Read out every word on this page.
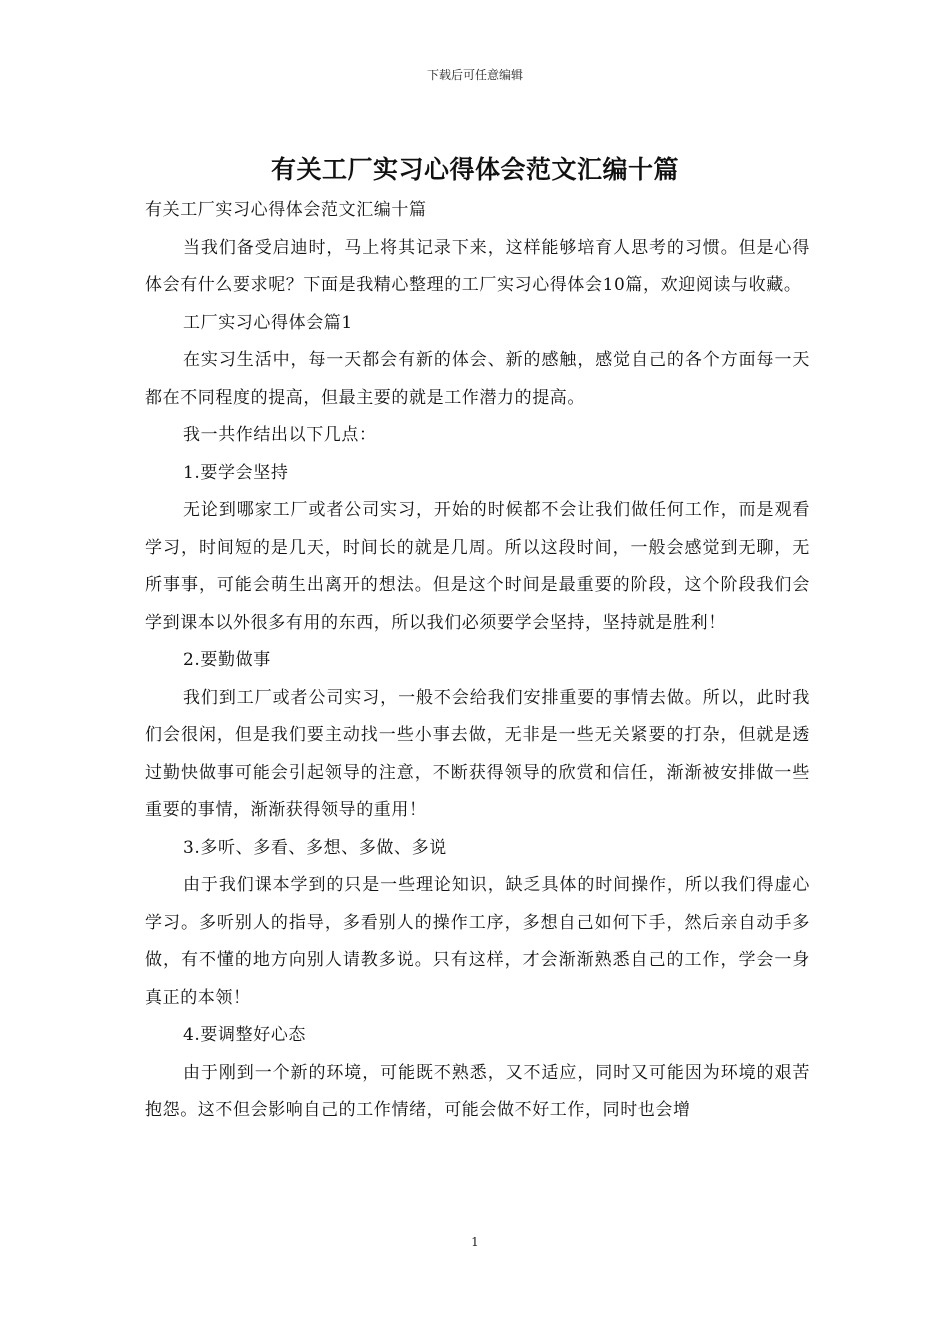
下载后可任意编辑
有关工厂实习心得体会范文汇编十篇

有关工厂实习心得体会范文汇编十篇

当我们备受启迪时，马上将其记录下来，这样能够培育人思考的习惯。但是心得体会有什么要求呢？下面是我精心整理的工厂实习心得体会10篇，欢迎阅读与收藏。

工厂实习心得体会篇1

在实习生活中，每一天都会有新的体会、新的感触，感觉自己的各个方面每一天都在不同程度的提高，但最主要的就是工作潜力的提高。

我一共作结出以下几点：

1.要学会坚持

无论到哪家工厂或者公司实习，开始的时候都不会让我们做任何工作，而是观看学习，时间短的是几天，时间长的就是几周。所以这段时间，一般会感觉到无聊，无所事事，可能会萌生出离开的想法。但是这个时间是最重要的阶段，这个阶段我们会学到课本以外很多有用的东西，所以我们必须要学会坚持，坚持就是胜利！

2.要勤做事

我们到工厂或者公司实习，一般不会给我们安排重要的事情去做。所以，此时我们会很闲，但是我们要主动找一些小事去做，无非是一些无关紧要的打杂，但就是透过勤快做事可能会引起领导的注意，不断获得领导的欣赏和信任，渐渐被安排做一些重要的事情，渐渐获得领导的重用！

3.多听、多看、多想、多做、多说

由于我们课本学到的只是一些理论知识，缺乏具体的时间操作，所以我们得虚心学习。多听别人的指导，多看别人的操作工序，多想自己如何下手，然后亲自动手多做，有不懂的地方向别人请教多说。只有这样，才会渐渐熟悉自己的工作，学会一身真正的本领！

4.要调整好心态

由于刚到一个新的环境，可能既不熟悉，又不适应，同时又可能因为环境的艰苦抱怨。这不但会影响自己的工作情绪，可能会做不好工作，同时也会增

1
